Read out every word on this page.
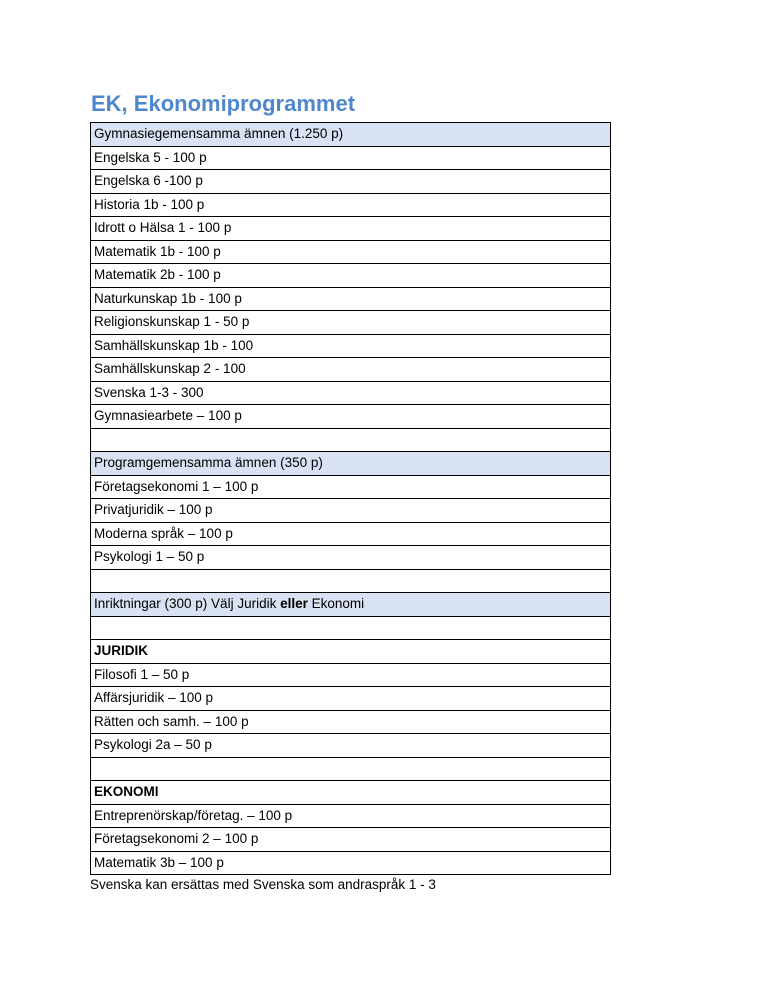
EK, Ekonomiprogrammet
Gymnasiegemensamma ämnen (1.250 p)
Engelska 5 - 100 p
Engelska 6 -100 p
Historia 1b - 100 p
Idrott o Hälsa 1 - 100 p
Matematik 1b - 100 p
Matematik 2b - 100 p
Naturkunskap 1b - 100 p
Religionskunskap 1 - 50 p
Samhällskunskap 1b - 100
Samhällskunskap 2 - 100
Svenska 1-3 - 300
Gymnasiearbete – 100 p

Programgemensamma ämnen (350 p)
Företagsekonomi 1 – 100 p
Privatjuridik – 100 p
Moderna språk – 100 p
Psykologi 1 – 50 p

Inriktningar (300 p) Välj Juridik eller Ekonomi

JURIDIK
Filosofi 1 – 50 p
Affärsjuridik – 100 p
Rätten och samh. – 100 p
Psykologi 2a – 50 p

EKONOMI
Entreprenörskap/företag. – 100 p
Företagsekonomi 2 – 100 p
Matematik 3b – 100 p
Svenska kan ersättas med Svenska som andraspråk 1 - 3
